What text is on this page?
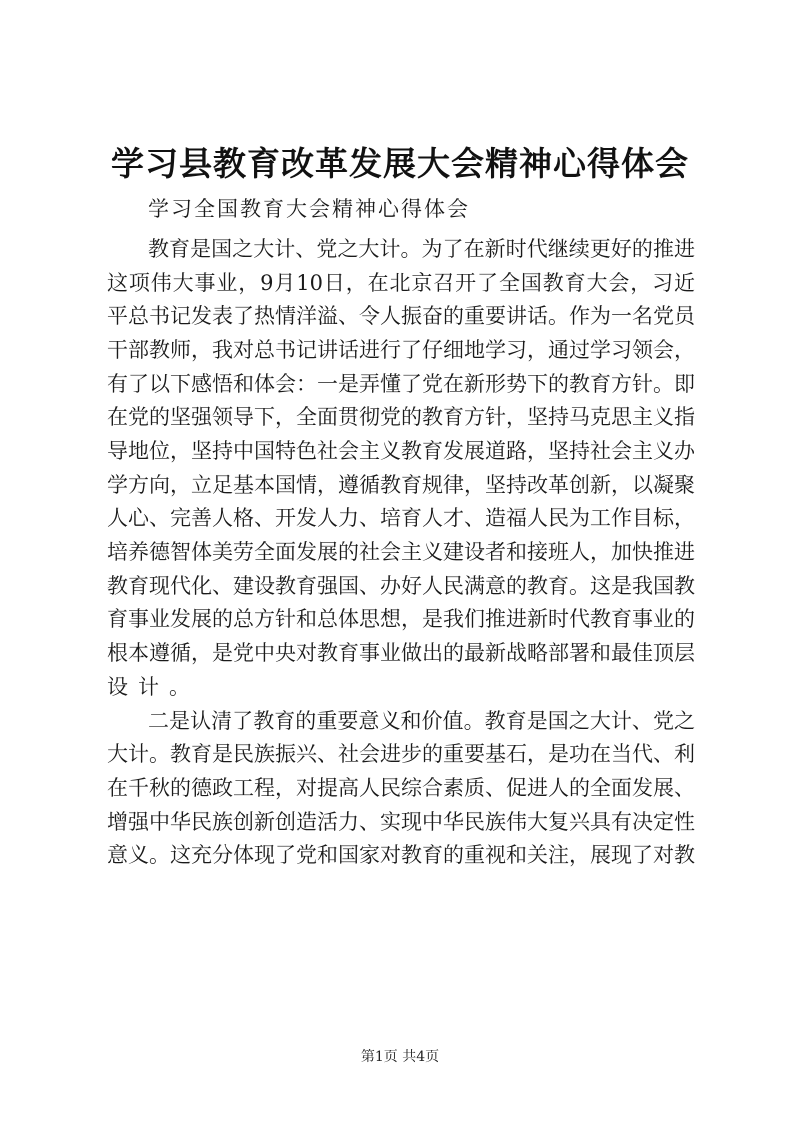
学习县教育改革发展大会精神心得体会
学习全国教育大会精神心得体会
教育是国之大计、党之大计。为了在新时代继续更好的推进
这项伟大事业，9月10日，在北京召开了全国教育大会，习近
平总书记发表了热情洋溢、令人振奋的重要讲话。作为一名党员
干部教师，我对总书记讲话进行了仔细地学习，通过学习领会，
有了以下感悟和体会：一是弄懂了党在新形势下的教育方针。即
在党的坚强领导下，全面贯彻党的教育方针，坚持马克思主义指
导地位，坚持中国特色社会主义教育发展道路，坚持社会主义办
学方向，立足基本国情，遵循教育规律，坚持改革创新，以凝聚
人心、完善人格、开发人力、培育人才、造福人民为工作目标，
培养德智体美劳全面发展的社会主义建设者和接班人，加快推进
教育现代化、建设教育强国、办好人民满意的教育。这是我国教
育事业发展的总方针和总体思想，是我们推进新时代教育事业的
根本遵循，是党中央对教育事业做出的最新战略部署和最佳顶层
设计。
二是认清了教育的重要意义和价值。教育是国之大计、党之
大计。教育是民族振兴、社会进步的重要基石，是功在当代、利
在千秋的德政工程，对提高人民综合素质、促进人的全面发展、
增强中华民族创新创造活力、实现中华民族伟大复兴具有决定性
意义。这充分体现了党和国家对教育的重视和关注，展现了对教
第1页 共4页
